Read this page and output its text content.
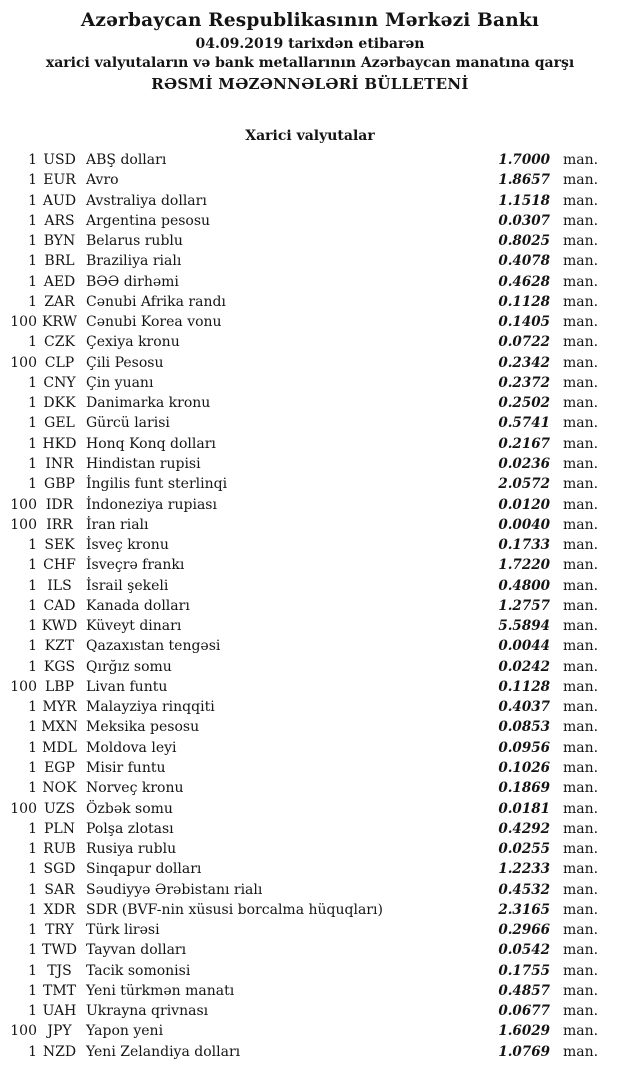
Azərbaycan Respublikasının Mərkəzi Bankı
04.09.2019 tarixdən etibarən
xarici valyutaların və bank metallarının Azərbaycan manatına qarşı
RƏSMİ MƏZƏNNƏLƏRİ BÜLLETENİ
Xarici valyutalar
1 USD ABŞ dolları	1.7000 man.
1 EUR Avro	1.8657 man.
1 AUD Avstraliya dolları	1.1518 man.
1 ARS Argentina pesosu	0.0307 man.
1 BYN Belarus rublu	0.8025 man.
1 BRL Braziliya rialı	0.4078 man.
1 AED BƏƏ dirhəmi	0.4628 man.
1 ZAR Cənubi Afrika randı	0.1128 man.
100 KRW Cənubi Korea vonu	0.1405 man.
1 CZK Çexiya kronu	0.0722 man.
100 CLP Çili Pesosu	0.2342 man.
1 CNY Çin yuanı	0.2372 man.
1 DKK Danimarka kronu	0.2502 man.
1 GEL Gürcü larisi	0.5741 man.
1 HKD Honq Konq dolları	0.2167 man.
1 INR Hindistan rupisi	0.0236 man.
1 GBP İngilis funt sterlinqi	2.0572 man.
100 IDR İndoneziya rupiası	0.0120 man.
100 IRR İran rialı	0.0040 man.
1 SEK İsveç kronu	0.1733 man.
1 CHF İsveçrə frankı	1.7220 man.
1 ILS	İsrail şekeli	0.4800 man.
1 CAD Kanada dolları	1.2757 man.
1 KWD Küveyt dinarı	5.5894 man.
1 KZT Qazaxıstan tengəsi	0.0044 man.
1 KGS Qırğız somu	0.0242 man.
100 LBP Livan funtu	0.1128 man.
1 MYR Malayziya rinqqiti	0.4037 man.
1 MXN Meksika pesosu	0.0853 man.
1 MDL Moldova leyi	0.0956 man.
1 EGP Misir funtu	0.1026 man.
1 NOK Norveç kronu	0.1869 man.
100 UZS Özbək somu	0.0181 man.
1 PLN Polşa zlotası	0.4292 man.
1 RUB Rusiya rublu	0.0255 man.
1 SGD Sinqapur dolları	1.2233 man.
1 SAR Səudiyyə Ərəbistanı rialı	0.4532 man.
1 XDR SDR (BVF-nin xüsusi borcalma hüquqları)	2.3165 man.
1 TRY Türk lirəsi	0.2966 man.
1 TWD Tayvan dolları	0.0542 man.
1 TJS	Tacik somonisi	0.1755 man.
1 TMT Yeni türkmən manatı	0.4857 man.
1 UAH Ukrayna qrivnası	0.0677 man.
100 JPY	Yapon yeni	1.6029 man.
1 NZD Yeni Zelandiya dolları	1.0769 man.
